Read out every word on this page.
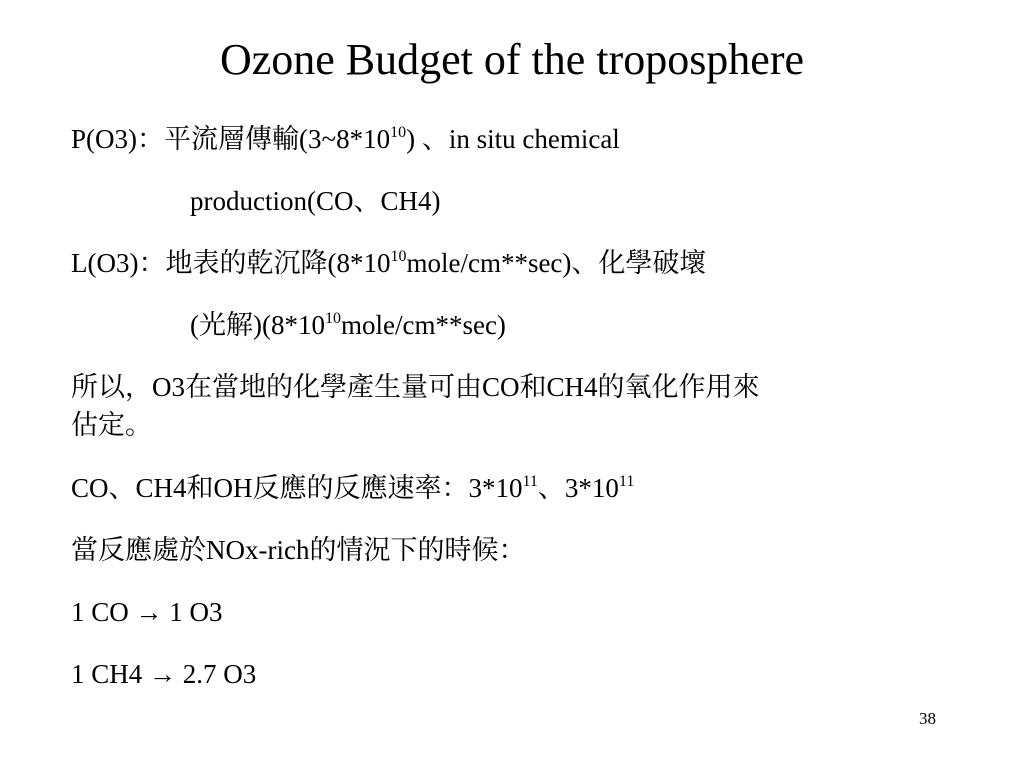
Ozone Budget of the troposphere
P(O3)：平流層傳輸$(3\sim 8*10^{10})$ 、in situ chemical
production(CO、CH4)
L(O3)：地表的乾沉降$(8*10^{10}mole/cm**\sec)$、化學破壞
(光解)$(8*10^{10}mole/cm**\sec)$
所以，O3在當地的化學產生量可由CO和CH4的氧化作用來
估定。
CO、CH4和OH反應的反應速率：$3*10^{11}$、$3*10^{11}$
當反應處於NOx-rich的情況下的時候：
1 CO → 1 O3
1 CH4 → 2.7 O3
38
